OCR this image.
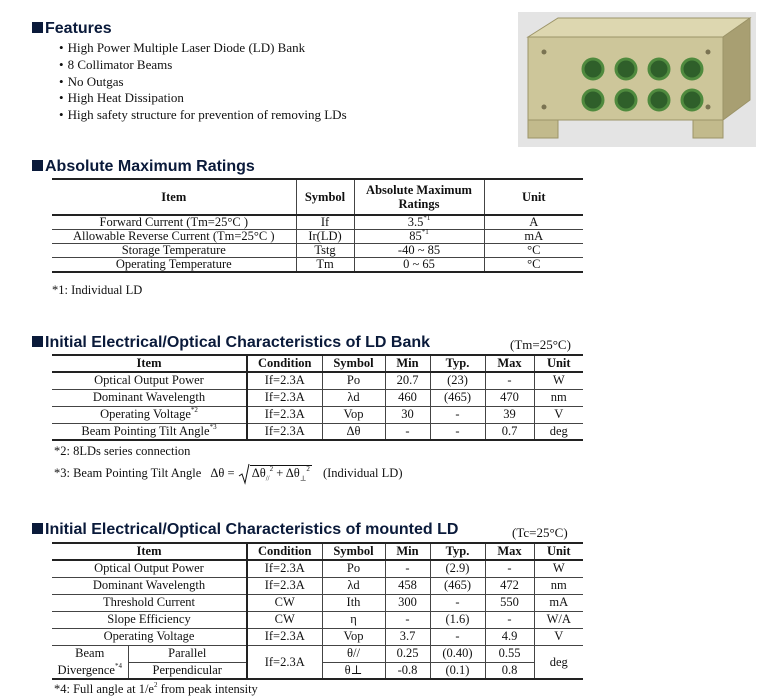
Features
• High Power Multiple Laser Diode (LD) Bank
• 8 Collimator Beams
• No Outgas
• High Heat Dissipation
• High safety structure for prevention of removing LDs
Absolute Maximum Ratings
Item	Symbol	Absolute Maximum Ratings	Unit
Forward Current (Tm=25°C )	If	3.5$^{*1}$	A
Allowable Reverse Current (Tm=25°C )	Ir(LD)	85$^{*1}$	mA
Storage Temperature	Tstg	-40 ~ 85	°C
Operating Temperature	Tm	0 ~ 65	°C
*1: Individual LD
Initial Electrical/Optical Characteristics of LD Bank	(Tm=25°C)
Item	Condition	Symbol	Min	Typ.	Max	Unit
Optical Output Power	If=2.3A	Po	20.7	(23)	-	W
Dominant Wavelength	If=2.3A	λd	460	(465)	470	nm
Operating Voltage$^{*2}$	If=2.3A	Vop	30	-	39	V
Beam Pointing Tilt Angle$^{*3}$	If=2.3A	Δθ	-	-	0.7	deg
*2: 8LDs series connection
*3: Beam Pointing Tilt Angle $\Delta\theta = \Delta\theta_{//}^2 + \Delta\theta_\perp^2$ (Individual LD)
Initial Electrical/Optical Characteristics of mounted LD	(Tc=25°C)
Item		Condition	Symbol	Min	Typ.	Max	Unit
Optical Output Power		If=2.3A	Po	-	(2.9)	-	W
Dominant Wavelength		If=2.3A	λd	458	(465)	472	nm
Threshold Current		CW	Ith	300	-	550	mA
Slope Efficiency		CW	η	-	(1.6)	-	W/A
Operating Voltage		If=2.3A	Vop	3.7	-	4.9	V
Beam	Parallel		θ//	0.25	(0.40)	0.55	
Divergence$^{*4}$	Perpendicular	If=2.3A	θ⊥	-0.8	(0.1)	0.8	deg
*4: Full angle at $1/e^2$ from peak intensity
